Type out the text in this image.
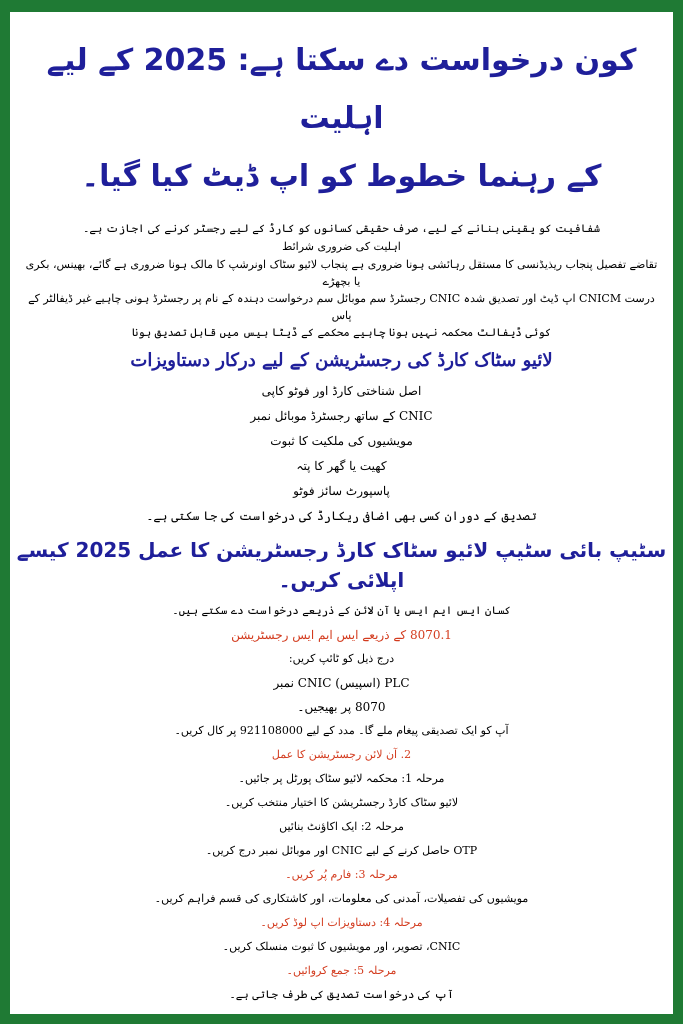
کون درخواست دے سکتا ہے: 2025 کے لیے اہلیت
کے رہنما خطوط کو اپ ڈیٹ کیا گیا۔

شفافیت کو یقینی بنانے کے لیے، صرف حقیقی کسانوں کو کارڈ کے لیے رجسٹر کرنے کی اجازت ہے۔

اہلیت کی ضروری شرائط

تقاضے تفصیل پنجاب ریذیڈنسی کا مستقل رہائشی ہونا ضروری ہے پنجاب لائیو سٹاک اونرشپ کا مالک ہونا ضروری ہے گائے، بھینس، بکری یا بچھڑے

درست CNICM اپ ڈیٹ اور تصدیق شدہ CNIC رجسٹرڈ سم موبائل سم درخواست دہندہ کے نام پر رجسٹرڈ ہونی چاہیے غیر ڈیفالٹر کے پاس

کوئی ڈیفالٹ محکمہ نہیں ہونا چاہیے محکمے کے ڈیٹا بیس میں قابل تصدیق ہونا

لائیو سٹاک کارڈ کی رجسٹریشن کے لیے درکار دستاویزات

اصل شناختی کارڈ اور فوٹو کاپی

CNIC کے ساتھ رجسٹرڈ موبائل نمبر

مویشیوں کی ملکیت کا ثبوت

کھیت یا گھر کا پتہ

پاسپورٹ سائز فوٹو

تصدیق کے دوران کسی بھی اضافی ریکارڈ کی درخواست کی جا سکتی ہے۔

سٹیپ بائی سٹیپ لائیو سٹاک کارڈ رجسٹریشن کا عمل 2025 کیسے اپلائی کریں۔

کسان ایس ایم ایس یا آن لائن کے ذریعے درخواست دے سکتے ہیں۔

8070.1 کے ذریعے ایس ایم ایس رجسٹریشن

درج ذیل کو ٹائپ کریں:

PLC (اسپیس) CNIC نمبر

8070 پر بھیجیں۔

آپ کو ایک تصدیقی پیغام ملے گا۔ مدد کے لیے 921108000 پر کال کریں۔

2. آن لائن رجسٹریشن کا عمل

مرحلہ 1: محکمہ لائیو سٹاک پورٹل پر جائیں۔

لائیو سٹاک کارڈ رجسٹریشن کا اختیار منتخب کریں۔

مرحلہ 2: ایک اکاؤنٹ بنائیں

OTP حاصل کرنے کے لیے CNIC اور موبائل نمبر درج کریں۔

مرحلہ 3: فارم پُر کریں۔

مویشیوں کی تفصیلات، آمدنی کی معلومات، اور کاشتکاری کی قسم فراہم کریں۔

مرحلہ 4: دستاویزات اپ لوڈ کریں۔

CNIC، تصویر، اور مویشیوں کا ثبوت منسلک کریں۔

مرحلہ 5: جمع کروائیں۔

آپ کی درخواست تصدیق کی طرف جاتی ہے۔
